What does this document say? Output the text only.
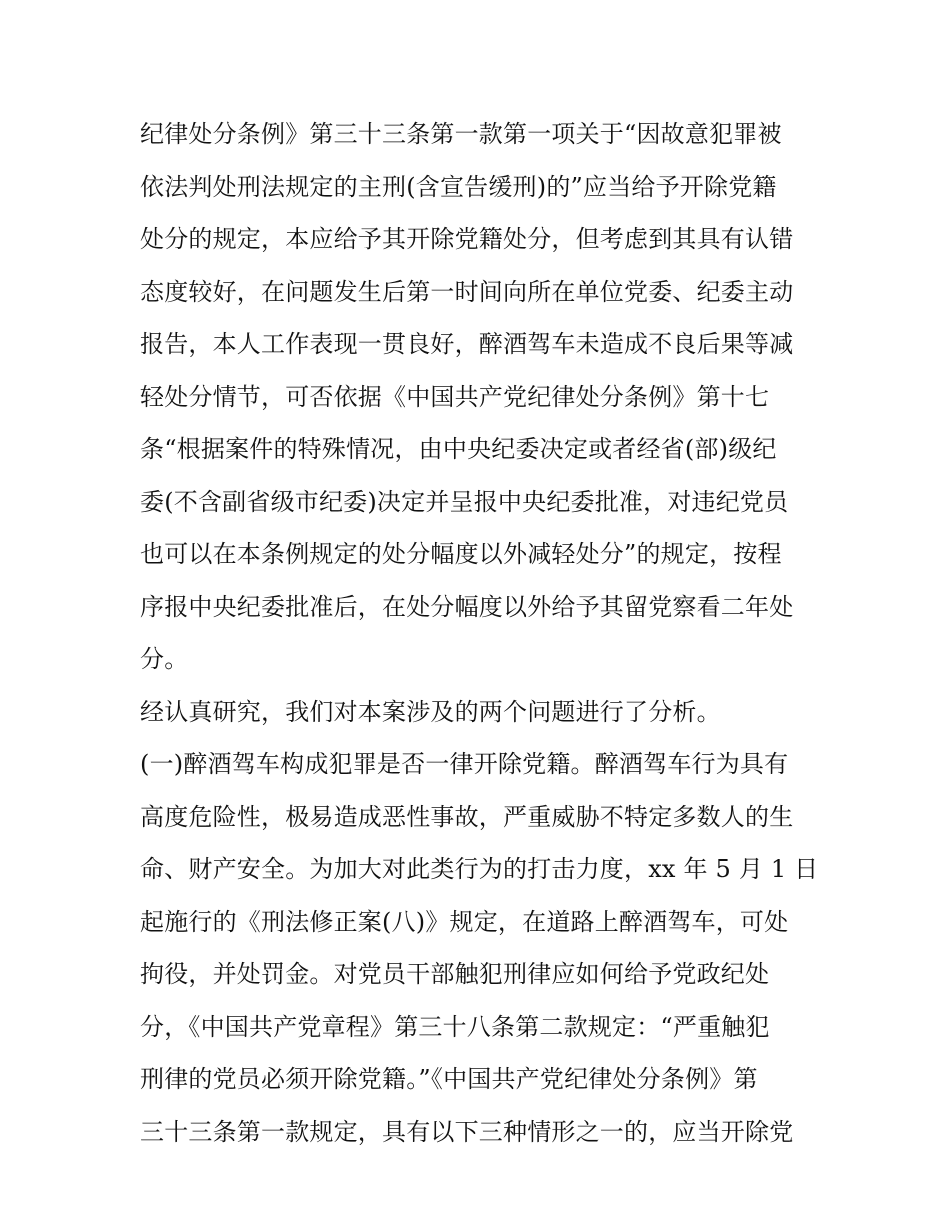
纪律处分条例》第三十三条第一款第一项关于“因故意犯罪被
依法判处刑法规定的主刑(含宣告缓刑)的”应当给予开除党籍
处分的规定，本应给予其开除党籍处分，但考虑到其具有认错
态度较好，在问题发生后第一时间向所在单位党委、纪委主动
报告，本人工作表现一贯良好，醉酒驾车未造成不良后果等减
轻处分情节，可否依据《中国共产党纪律处分条例》第十七
条“根据案件的特殊情况，由中央纪委决定或者经省(部)级纪
委(不含副省级市纪委)决定并呈报中央纪委批准，对违纪党员
也可以在本条例规定的处分幅度以外减轻处分”的规定，按程
序报中央纪委批准后，在处分幅度以外给予其留党察看二年处
分。
经认真研究，我们对本案涉及的两个问题进行了分析。
(一)醉酒驾车构成犯罪是否一律开除党籍。醉酒驾车行为具有
高度危险性，极易造成恶性事故，严重威胁不特定多数人的生
命、财产安全。为加大对此类行为的打击力度，xx 年 5 月 1 日
起施行的《刑法修正案(八)》规定，在道路上醉酒驾车，可处
拘役，并处罚金。对党员干部触犯刑律应如何给予党政纪处
分，《中国共产党章程》第三十八条第二款规定：“严重触犯
刑律的党员必须开除党籍。”《中国共产党纪律处分条例》第
三十三条第一款规定，具有以下三种情形之一的，应当开除党
